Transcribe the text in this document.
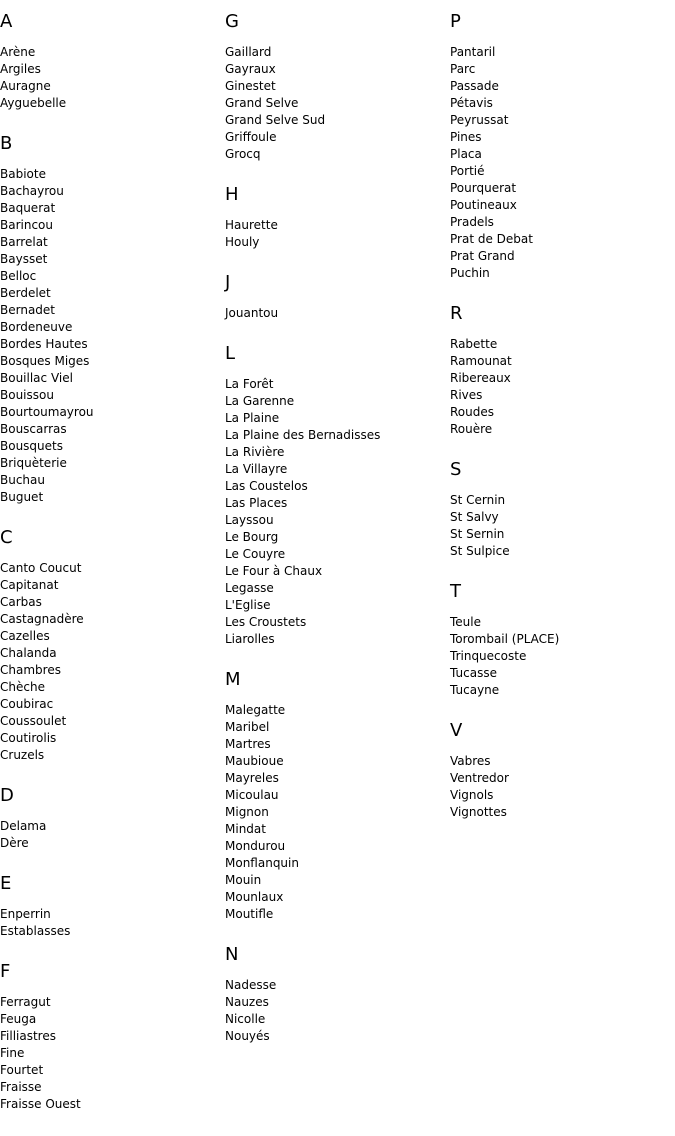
A
Arène
Argiles
Auragne
Ayguebelle
B
Babiote
Bachayrou
Baquerat
Barincou
Barrelat
Baysset
Belloc
Berdelet
Bernadet
Bordeneuve
Bordes Hautes
Bosques Miges
Bouillac Viel
Bouissou
Bourtoumayrou
Bouscarras
Bousquets
Briquèterie
Buchau
Buguet
C
Canto Coucut
Capitanat
Carbas
Castagnadère
Cazelles
Chalanda
Chambres
Chèche
Coubirac
Coussoulet
Coutirolis
Cruzels
D
Delama
Dère
E
Enperrin
Establasses
F
Ferragut
Feuga
Filliastres
Fine
Fourtet
Fraisse
Fraisse Ouest
G
Gaillard
Gayraux
Ginestet
Grand Selve
Grand Selve Sud
Griffoule
Grocq
H
Haurette
Houly
J
Jouantou
L
La Forêt
La Garenne
La Plaine
La Plaine des Bernadisses
La Rivière
La Villayre
Las Coustelos
Las Places
Layssou
Le Bourg
Le Couyre
Le Four à Chaux
Legasse
L'Eglise
Les Croustets
Liarolles
M
Malegatte
Maribel
Martres
Maubioue
Mayreles
Micoulau
Mignon
Mindat
Mondurou
Monflanquin
Mouin
Mounlaux
Moutifle
N
Nadesse
Nauzes
Nicolle
Nouyés
P
Pantaril
Parc
Passade
Pétavis
Peyrussat
Pines
Placa
Portié
Pourquerat
Poutineaux
Pradels
Prat de Debat
Prat Grand
Puchin
R
Rabette
Ramounat
Ribereaux
Rives
Roudes
Rouère
S
St Cernin
St Salvy
St Sernin
St Sulpice
T
Teule
Torombail (PLACE)
Trinquecoste
Tucasse
Tucayne
V
Vabres
Ventredor
Vignols
Vignottes
